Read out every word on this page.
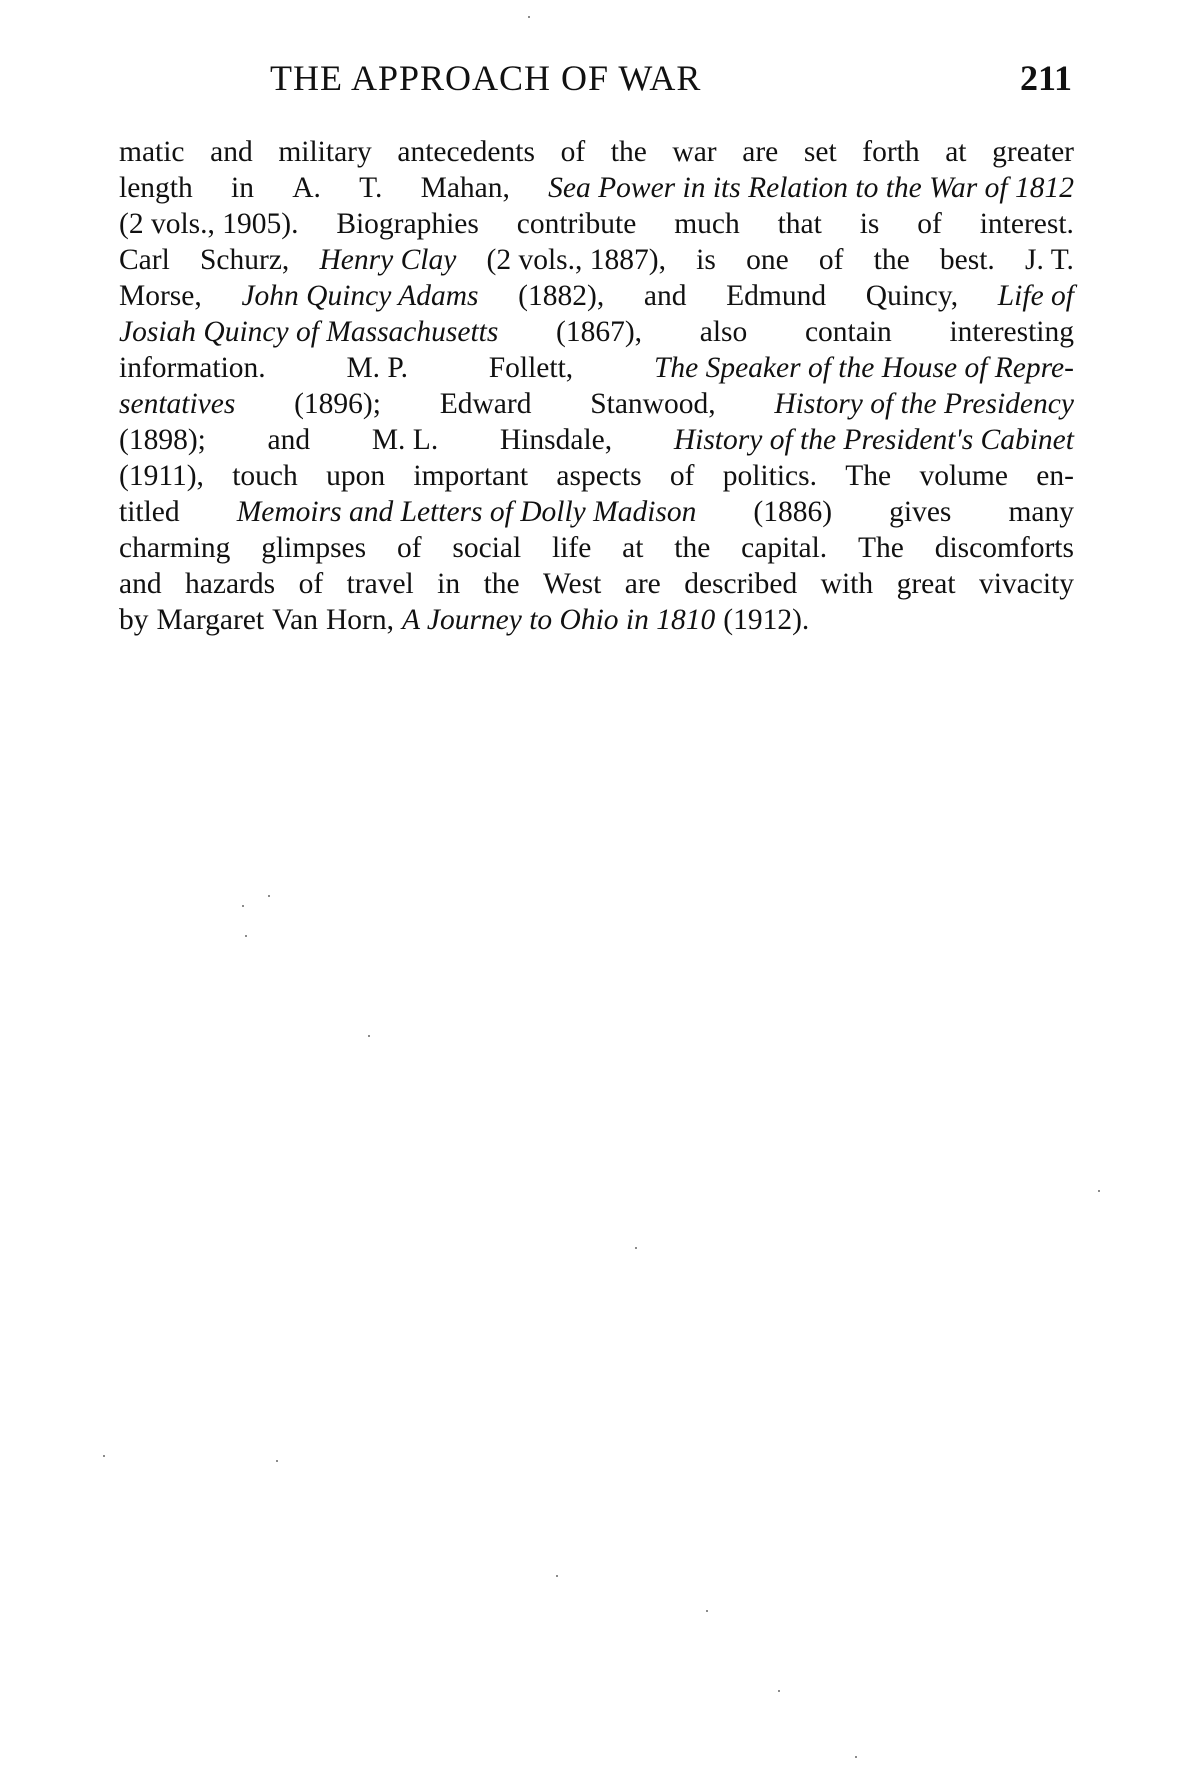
THE APPROACH OF WAR	211
matic and military antecedents of the war are set forth at greater
length in A. T. Mahan, Sea Power in its Relation to the War of 1812
(2 vols., 1905). Biographies contribute much that is of interest.
Carl Schurz, Henry Clay (2 vols., 1887), is one of the best. J. T.
Morse, John Quincy Adams (1882), and Edmund Quincy, Life of
Josiah Quincy of Massachusetts (1867), also contain interesting
information.	M. P.	Follett,	The Speaker of the House of Repre-
sentatives (1896); Edward Stanwood, History of the Presidency
(1898); and M. L. Hinsdale, History of the President's Cabinet
(1911), touch upon important aspects of politics. The volume en-
titled Memoirs and Letters of Dolly Madison (1886) gives many
charming glimpses of social life at the capital. The discomforts
and hazards of travel in the West are described with great vivacity
by Margaret Van Horn, A Journey to Ohio in 1810 (1912).
